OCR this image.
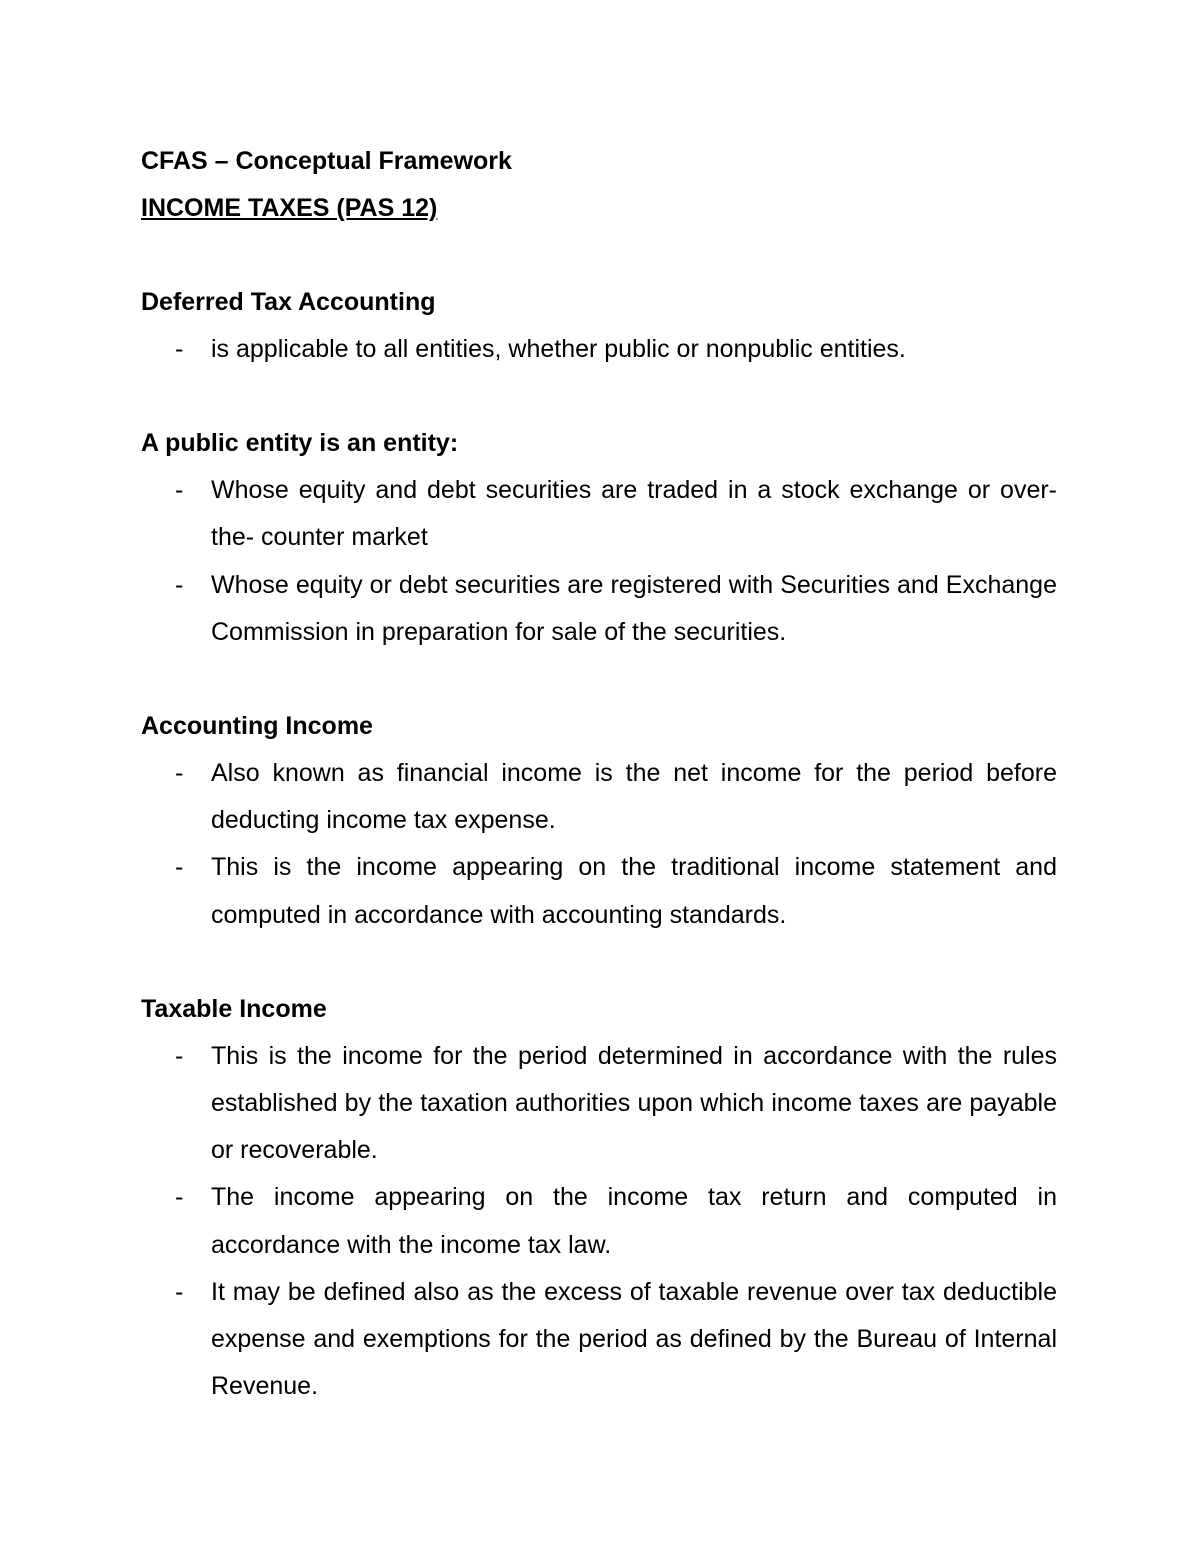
CFAS – Conceptual Framework
INCOME TAXES (PAS 12)
Deferred Tax Accounting
- is applicable to all entities, whether public or nonpublic entities.
A public entity is an entity:
- Whose equity and debt securities are traded in a stock exchange or over-the- counter market
- Whose equity or debt securities are registered with Securities and Exchange Commission in preparation for sale of the securities.
Accounting Income
- Also known as financial income is the net income for the period before deducting income tax expense.
- This is the income appearing on the traditional income statement and computed in accordance with accounting standards.
Taxable Income
- This is the income for the period determined in accordance with the rules established by the taxation authorities upon which income taxes are payable or recoverable.
- The income appearing on the income tax return and computed in accordance with the income tax law.
- It may be defined also as the excess of taxable revenue over tax deductible expense and exemptions for the period as defined by the Bureau of Internal Revenue.
